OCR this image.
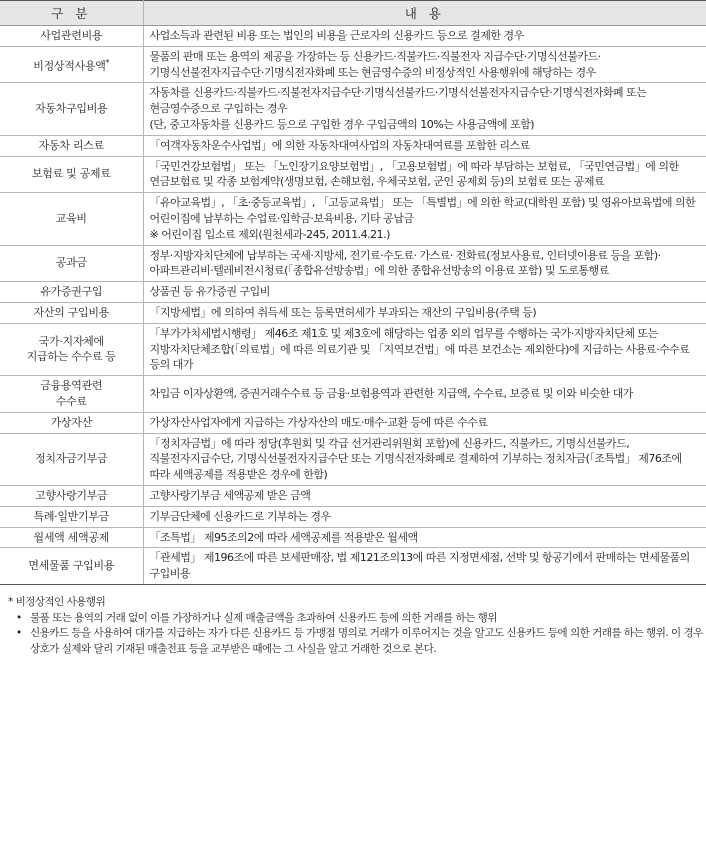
구 분	내 용
사업관련비용	사업소득과 관련된 비용 또는 법인의 비용을 근로자의 신용카드 등으로 결제한 경우
비정상적사용액*	물품의 판매 또는 용역의 제공을 가장하는 등 신용카드·직불카드·직불전자 지급수단·기명식선불카드·기명식선불전자지급수단·기명식전자화폐 또는 현금영수증의 비정상적인 사용행위에 해당하는 경우
자동차구입비용	자동차를 신용카드·직불카드·직불전자지급수단·기명식선불카드·기명식선불전자지급수단·기명식전자화폐 또는 현금영수증으로 구입하는 경우
(단, 중고자동차를 신용카드 등으로 구입한 경우 구입금액의 10%는 사용금액에 포함)
자동차 리스료	「여객자동차운수사업법」에 의한 자동차대여사업의 자동차대여료를 포함한 리스료
보험료 및 공제료	「국민건강보험법」 또는 「노인장기요양보험법」, 「고용보험법」에 따라 부담하는 보험료, 「국민연금법」에 의한 연금보험료 및 각종 보험계약(생명보험, 손해보험, 우체국보험, 군인 공제회 등)의 보험료 또는 공제료
교육비	「유아교육법」, 「초·중등교육법」, 「고등교육법」 또는 「특별법」에 의한 학교(대학원 포함) 및 영유아보육법에 의한 어린이집에 납부하는 수업료·입학금·보육비용, 기타 공납금
※ 어린이집 입소료 제외(원천세과-245, 2011.4.21.)
공과금	정부·지방자치단체에 납부하는 국세·지방세, 전기료·수도료· 가스료· 전화료(정보사용료, 인터넷이용료 등을 포함)·아파트관리비·텔레비전시청료(「종합유선방송법」에 의한 종합유선방송의 이용료 포함) 및 도로통행료
유가증권구입	상품권 등 유가증권 구입비
자산의 구입비용	「지방세법」에 의하여 취득세 또는 등록면허세가 부과되는 재산의 구입비용(주택 등)
국가·지자체에
지급하는 수수료 등	「부가가치세법시행령」 제46조 제1호 및 제3호에 해당하는 업종 외의 업무를 수행하는 국가·지방자치단체 또는 지방자치단체조합(「의료법」에 따른 의료기관 및 「지역보건법」에 따른 보건소는 제외한다)에 지급하는 사용료·수수료 등의 대가
금융용역관련
수수료	차입금 이자상환액, 증권거래수수료 등 금융·보험용역과 관련한 지급액, 수수료, 보증료 및 이와 비슷한 대가
가상자산	가상자산사업자에게 지급하는 가상자산의 매도·매수·교환 등에 따른 수수료
정치자금기부금	「정치자금법」에 따라 정당(후원회 및 각급 선거관리위원회 포함)에 신용카드, 직불카드, 기명식선불카드, 직불전자지급수단, 기명식선불전자지급수단 또는 기명식전자화폐로 결제하여 기부하는 정치자금(「조특법」 제76조에 따라 세액공제를 적용받은 경우에 한함)
고향사랑기부금	고향사랑기부금 세액공제 받은 금액
특례·일반기부금	기부금단체에 신용카드로 기부하는 경우
월세액 세액공제	「조특법」 제95조의2에 따라 세액공제를 적용받은 월세액
면세물품 구입비용	「관세법」 제196조에 따른 보세판매장, 법 제121조의13에 따른 지정면세점, 선박 및 항공기에서 판매하는 면세물품의 구입비용
* 비정상적인 사용행위
• 물품 또는 용역의 거래 없이 이를 가장하거나 실제 매출금액을 초과하여 신용카드 등에 의한 거래를 하는 행위
• 신용카드 등을 사용하여 대가를 지급하는 자가 다른 신용카드 등 가맹점 명의로 거래가 이루어지는 것을 알고도 신용카드 등에 의한 거래를 하는 행위. 이 경우 상호가 실제와 달리 기재된 매출전표 등을 교부받은 때에는 그 사실을 알고 거래한 것으로 본다.
